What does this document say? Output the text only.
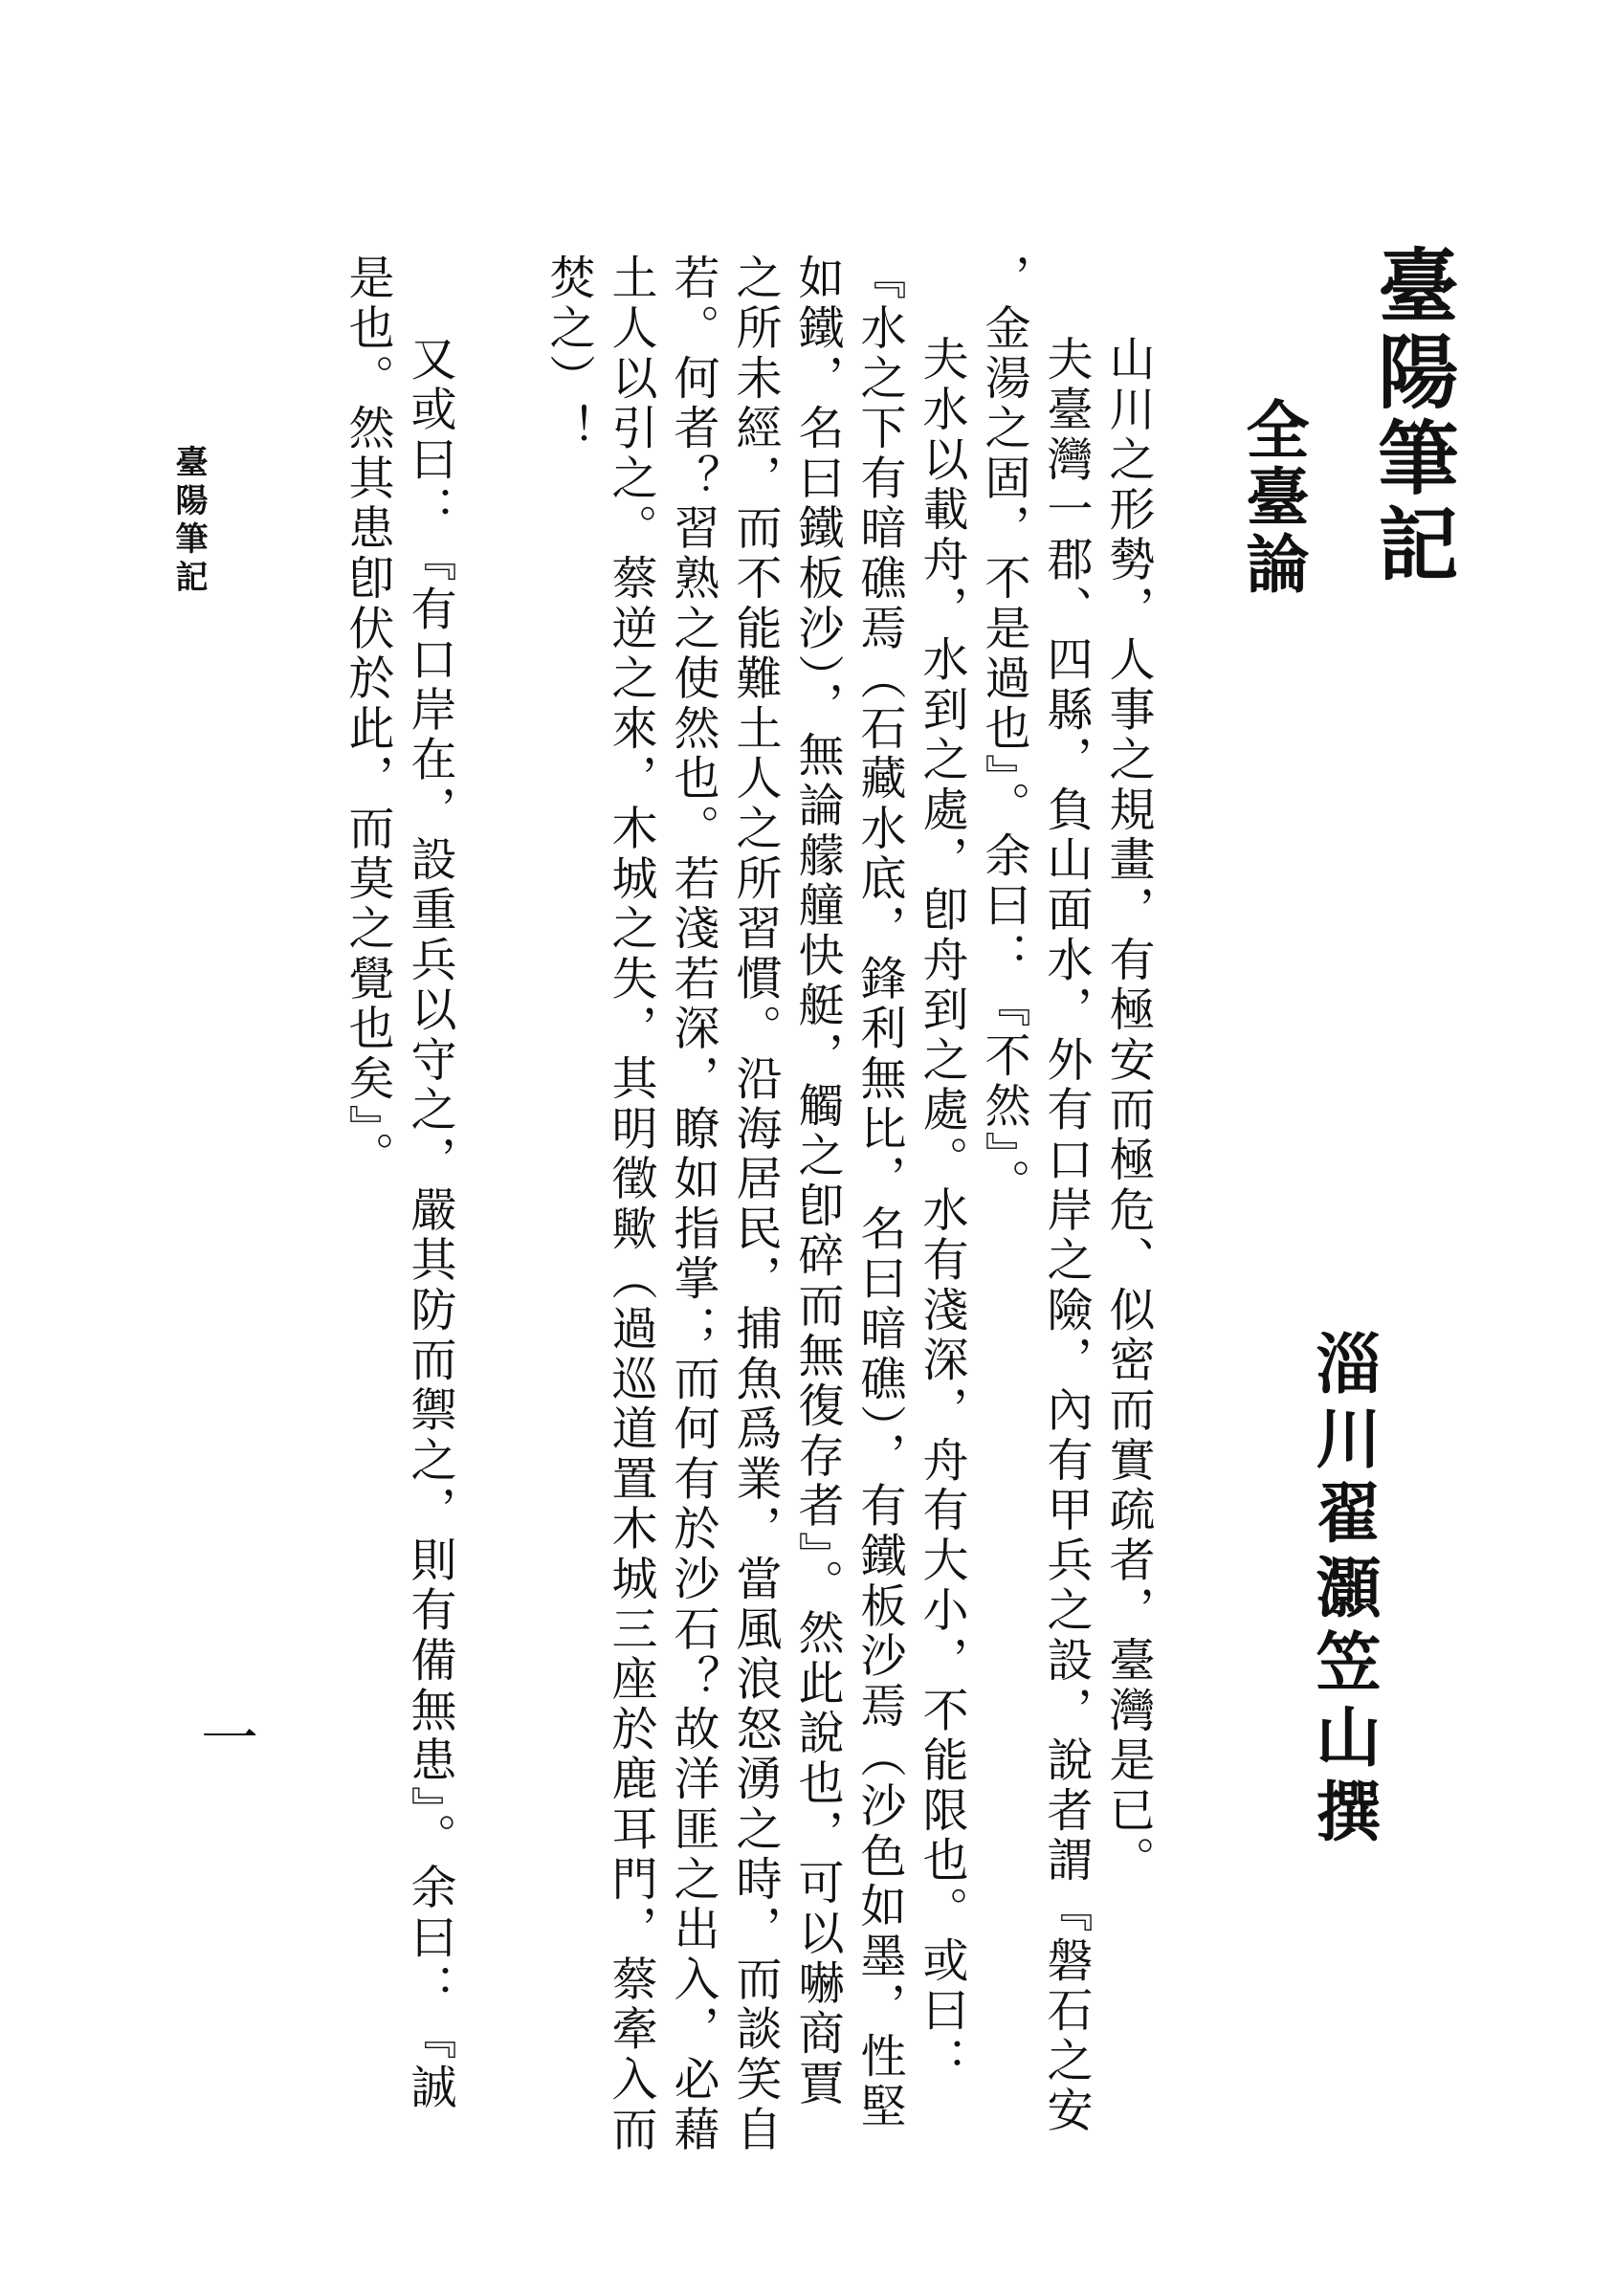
臺陽筆記
全臺論
淄川翟灝笠山撰
山川之形勢，人事之規畫，有極安而極危、似密而實疏者，臺灣是已。
夫臺灣一郡、四縣，負山面水，外有口岸之險，內有甲兵之設，說者謂『磐石之安
，金湯之固，不是過也』。余曰：『不然』。
夫水以載舟，水到之處，卽舟到之處。水有淺深，舟有大小，不能限也。或曰：
『水之下有暗礁焉（石藏水底，鋒利無比，名曰暗礁），有鐵板沙焉（沙色如墨，性堅
如鐵，名曰鐵板沙），無論艨艟快艇，觸之卽碎而無復存者』。然此說也，可以嚇商賈
之所未經，而不能難土人之所習慣。沿海居民，捕魚爲業，當風浪怒湧之時，而談笑自
若。何者？習熟之使然也。若淺若深，瞭如指掌；而何有於沙石？故洋匪之出入，必藉
土人以引之。蔡逆之來，木城之失，其明徵歟（過巡道置木城三座於鹿耳門，蔡牽入而
焚之）！
又或曰：『有口岸在，設重兵以守之，嚴其防而禦之，則有備無患』。余曰：『誠
是也。然其患卽伏於此，而莫之覺也矣』。
臺陽筆記
一
